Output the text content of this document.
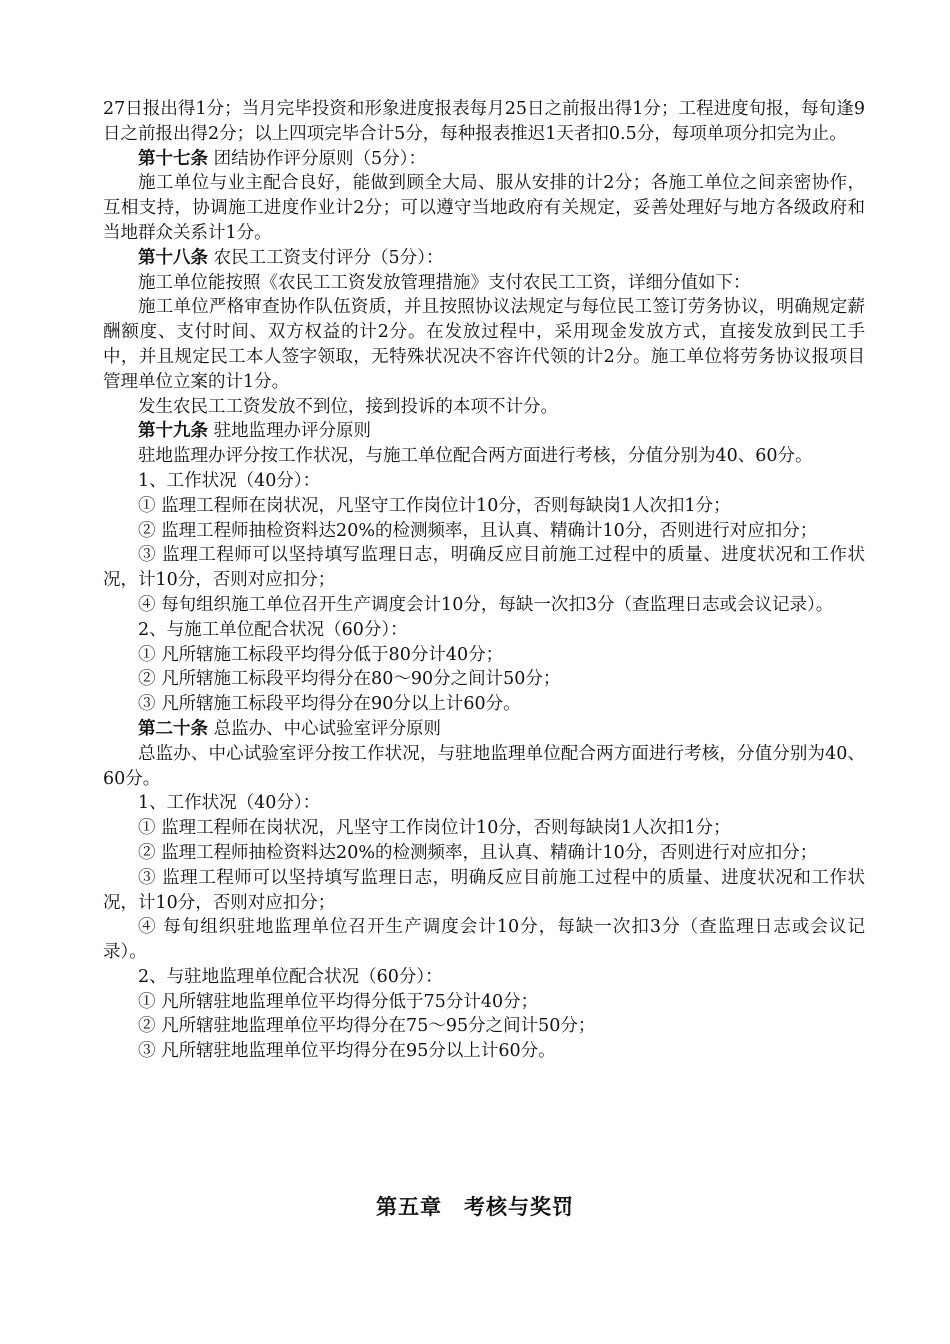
27日报出得1分；当月完毕投资和形象进度报表每月25日之前报出得1分；工程进度旬报，每旬逢9日之前报出得2分；以上四项完毕合计5分，每种报表推迟1天者扣0.5分，每项单项分扣完为止。

第十七条 团结协作评分原则（5分）：

施工单位与业主配合良好，能做到顾全大局、服从安排的计2分；各施工单位之间亲密协作，互相支持，协调施工进度作业计2分；可以遵守当地政府有关规定，妥善处理好与地方各级政府和当地群众关系计1分。

第十八条 农民工工资支付评分（5分）：

施工单位能按照《农民工工资发放管理措施》支付农民工工资，详细分值如下：

施工单位严格审查协作队伍资质，并且按照协议法规定与每位民工签订劳务协议，明确规定薪酬额度、支付时间、双方权益的计2分。在发放过程中，采用现金发放方式，直接发放到民工手中，并且规定民工本人签字领取，无特殊状况决不容许代领的计2分。施工单位将劳务协议报项目管理单位立案的计1分。

发生农民工工资发放不到位，接到投诉的本项不计分。

第十九条 驻地监理办评分原则

驻地监理办评分按工作状况，与施工单位配合两方面进行考核，分值分别为40、60分。

1、工作状况（40分）：

① 监理工程师在岗状况，凡坚守工作岗位计10分，否则每缺岗1人次扣1分；

② 监理工程师抽检资料达20%的检测频率，且认真、精确计10分，否则进行对应扣分；

③ 监理工程师可以坚持填写监理日志，明确反应目前施工过程中的质量、进度状况和工作状况，计10分，否则对应扣分；

④ 每旬组织施工单位召开生产调度会计10分，每缺一次扣3分（查监理日志或会议记录）。

2、与施工单位配合状况（60分）：

① 凡所辖施工标段平均得分低于80分计40分；

② 凡所辖施工标段平均得分在80～90分之间计50分；

③ 凡所辖施工标段平均得分在90分以上计60分。

第二十条 总监办、中心试验室评分原则

总监办、中心试验室评分按工作状况，与驻地监理单位配合两方面进行考核，分值分别为40、60分。

1、工作状况（40分）：

① 监理工程师在岗状况，凡坚守工作岗位计10分，否则每缺岗1人次扣1分；

② 监理工程师抽检资料达20%的检测频率，且认真、精确计10分，否则进行对应扣分；

③ 监理工程师可以坚持填写监理日志，明确反应目前施工过程中的质量、进度状况和工作状况，计10分，否则对应扣分；

④ 每旬组织驻地监理单位召开生产调度会计10分，每缺一次扣3分（查监理日志或会议记录）。

2、与驻地监理单位配合状况（60分）：

① 凡所辖驻地监理单位平均得分低于75分计40分；

② 凡所辖驻地监理单位平均得分在75～95分之间计50分；

③ 凡所辖驻地监理单位平均得分在95分以上计60分。

第五章　考核与奖罚
